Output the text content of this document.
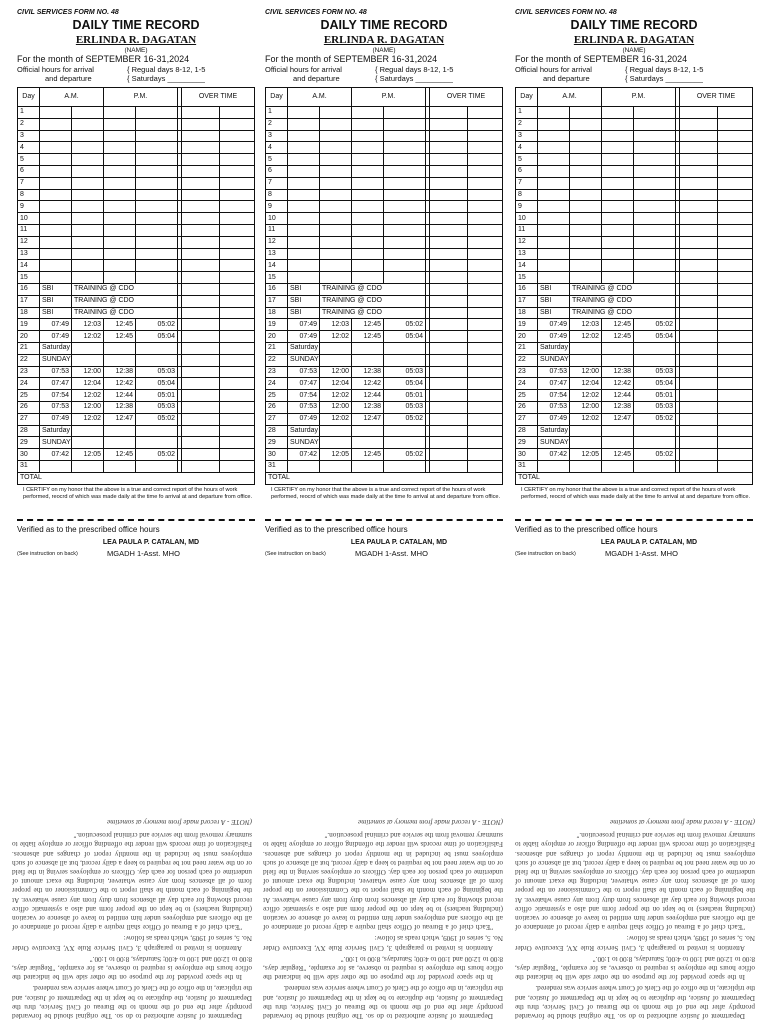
CIVIL SERVICES FORM NO. 48
DAILY TIME RECORD
ERLINDA R. DAGATAN
(NAME)
For the month of SEPTEMBER 16-31,2024
Official hours for arrival
and departure
{ Regual days 8-12, 1-5
{ Saturdays _________
Day	A.M.		P.M.			OVER TIME	
1							
2							
3							
4							
5							
6							
7							
8							
9							
10							
11							
12							
13							
14							
15							
16	SBI	TRAINING @ CDO					
17	SBI	TRAINING @ CDO					
18	SBI	TRAINING @ CDO					
19	07:49	12:03	12:45	05:02			
20	07:49	12:02	12:45	05:04			
21	Saturday						
22	SUNDAY						
23	07:53	12:00	12:38	05:03			
24	07:47	12:04	12:42	05:04			
25	07:54	12:02	12:44	05:01			
26	07:53	12:00	12:38	05:03			
27	07:49	12:02	12:47	05:02			
28	Saturday						
29	SUNDAY						
30	07:42	12:05	12:45	05:02			
31							
TOTAL							
I CERTIFY on my honor that the above is a true and correct report of the hours of work performed, reocrd of which was made daily at the time fo arrival at and departure from office.
Verified as to the prescribed office hours
LEA PAULA P. CATALAN, MD
(See instruction on back)	MGADH 1-Asst. MHO
CIVIL SERVICES FORM NO. 48
DAILY TIME RECORD
ERLINDA R. DAGATAN
(NAME)
For the month of SEPTEMBER 16-31,2024
Official hours for arrival
and departure
{ Regual days 8-12, 1-5
{ Saturdays _________
Day	A.M.		P.M.			OVER TIME	
1							
2							
3							
4							
5							
6							
7							
8							
9							
10							
11							
12							
13							
14							
15							
16	SBI	TRAINING @ CDO					
17	SBI	TRAINING @ CDO					
18	SBI	TRAINING @ CDO					
19	07:49	12:03	12:45	05:02			
20	07:49	12:02	12:45	05:04			
21	Saturday						
22	SUNDAY						
23	07:53	12:00	12:38	05:03			
24	07:47	12:04	12:42	05:04			
25	07:54	12:02	12:44	05:01			
26	07:53	12:00	12:38	05:03			
27	07:49	12:02	12:47	05:02			
28	Saturday						
29	SUNDAY						
30	07:42	12:05	12:45	05:02			
31							
TOTAL							
I CERTIFY on my honor that the above is a true and correct report of the hours of work performed, reocrd of which was made daily at the time fo arrival at and departure from office.
Verified as to the prescribed office hours
LEA PAULA P. CATALAN, MD
(See instruction on back)	MGADH 1-Asst. MHO
CIVIL SERVICES FORM NO. 48
DAILY TIME RECORD
ERLINDA R. DAGATAN
(NAME)
For the month of SEPTEMBER 16-31,2024
Official hours for arrival
and departure
{ Regual days 8-12, 1-5
{ Saturdays _________
Day	A.M.		P.M.			OVER TIME	
1							
2							
3							
4							
5							
6							
7							
8							
9							
10							
11							
12							
13							
14							
15							
16	SBI	TRAINING @ CDO					
17	SBI	TRAINING @ CDO					
18	SBI	TRAINING @ CDO					
19	07:49	12:03	12:45	05:02			
20	07:49	12:02	12:45	05:04			
21	Saturday						
22	SUNDAY						
23	07:53	12:00	12:38	05:03			
24	07:47	12:04	12:42	05:04			
25	07:54	12:02	12:44	05:01			
26	07:53	12:00	12:38	05:03			
27	07:49	12:02	12:47	05:02			
28	Saturday						
29	SUNDAY						
30	07:42	12:05	12:45	05:02			
31							
TOTAL							
I CERTIFY on my honor that the above is a true and correct report of the hours of work performed, reocrd of which was made daily at the time fo arrival at and departure from office.
Verified as to the prescribed office hours
LEA PAULA P. CATALAN, MD
(See instruction on back)	MGADH 1-Asst. MHO

Department of Justice authorized to do so. The original should be forwarded promptly after the end of the month to the Bureau of Civil Service, thru the Department of Justice, the duplicate to be kept in the Department of Justice, and the triplicate, in the office of the Clerk of Court where service was rendered.

In the space provided for the purpose on the other side will be indicated the office hours the employee is required to observe, as for example, "Regular days, 8:00 to 12:00 and 1:00 to 4:00; Saturdays, 8:00 to 1:00."

Attention is invited to paragraph 3, Civil Service Rule XV, Executive Order No. 5, series of 1909, which reads as follow:

"Each chief of a Bureau of Office shall require a daily record of attendance of all the officers and employees under him entitled to leave of absence or vacation (including teachers) to be kept on the proper form and also a systematic office record showing for each day all absences from duty from any cause whatever. At the beginning of each month he shall report to the Commissioner on the proper form of all absences from any cause whatever, including the exact amount of undertime of each person for each day. Officers or employees serving in the field or on the water need not be required to keep a daily record, but all absence of such employees must be included in the monthly report of changes and absences. Falsification of time records will render the offending officer or employe liable to summary removal from the service and criminal prosecution."

(NOTE - A record made from memory at sometime

Department of Justice authorized to do so. The original should be forwarded promptly after the end of the month to the Bureau of Civil Service, thru the Department of Justice, the duplicate to be kept in the Department of Justice, and the triplicate, in the office of the Clerk of Court where service was rendered.

In the space provided for the purpose on the other side will be indicated the office hours the employee is required to observe, as for example, "Regular days, 8:00 to 12:00 and 1:00 to 4:00; Saturdays, 8:00 to 1:00."

Attention is invited to paragraph 3, Civil Service Rule XV, Executive Order No. 5, series of 1909, which reads as follow:

"Each chief of a Bureau of Office shall require a daily record of attendance of all the officers and employees under him entitled to leave of absence or vacation (including teachers) to be kept on the proper form and also a systematic office record showing for each day all absences from duty from any cause whatever. At the beginning of each month he shall report to the Commissioner on the proper form of all absences from any cause whatever, including the exact amount of undertime of each person for each day. Officers or employees serving in the field or on the water need not be required to keep a daily record, but all absence of such employees must be included in the monthly report of changes and absences. Falsification of time records will render the offending officer or employe liable to summary removal from the service and criminal prosecution."

(NOTE - A record made from memory at sometime

Department of Justice authorized to do so. The original should be forwarded promptly after the end of the month to the Bureau of Civil Service, thru the Department of Justice, the duplicate to be kept in the Department of Justice, and the triplicate, in the office of the Clerk of Court where service was rendered.

In the space provided for the purpose on the other side will be indicated the office hours the employee is required to observe, as for example, "Regular days, 8:00 to 12:00 and 1:00 to 4:00; Saturdays, 8:00 to 1:00."

Attention is invited to paragraph 3, Civil Service Rule XV, Executive Order No. 5, series of 1909, which reads as follow:

"Each chief of a Bureau of Office shall require a daily record of attendance of all the officers and employees under him entitled to leave of absence or vacation (including teachers) to be kept on the proper form and also a systematic office record showing for each day all absences from duty from any cause whatever. At the beginning of each month he shall report to the Commissioner on the proper form of all absences from any cause whatever, including the exact amount of undertime of each person for each day. Officers or employees serving in the field or on the water need not be required to keep a daily record, but all absence of such employees must be included in the monthly report of changes and absences. Falsification of time records will render the offending officer or employe liable to summary removal from the service and criminal prosecution."

(NOTE - A record made from memory at sometime
